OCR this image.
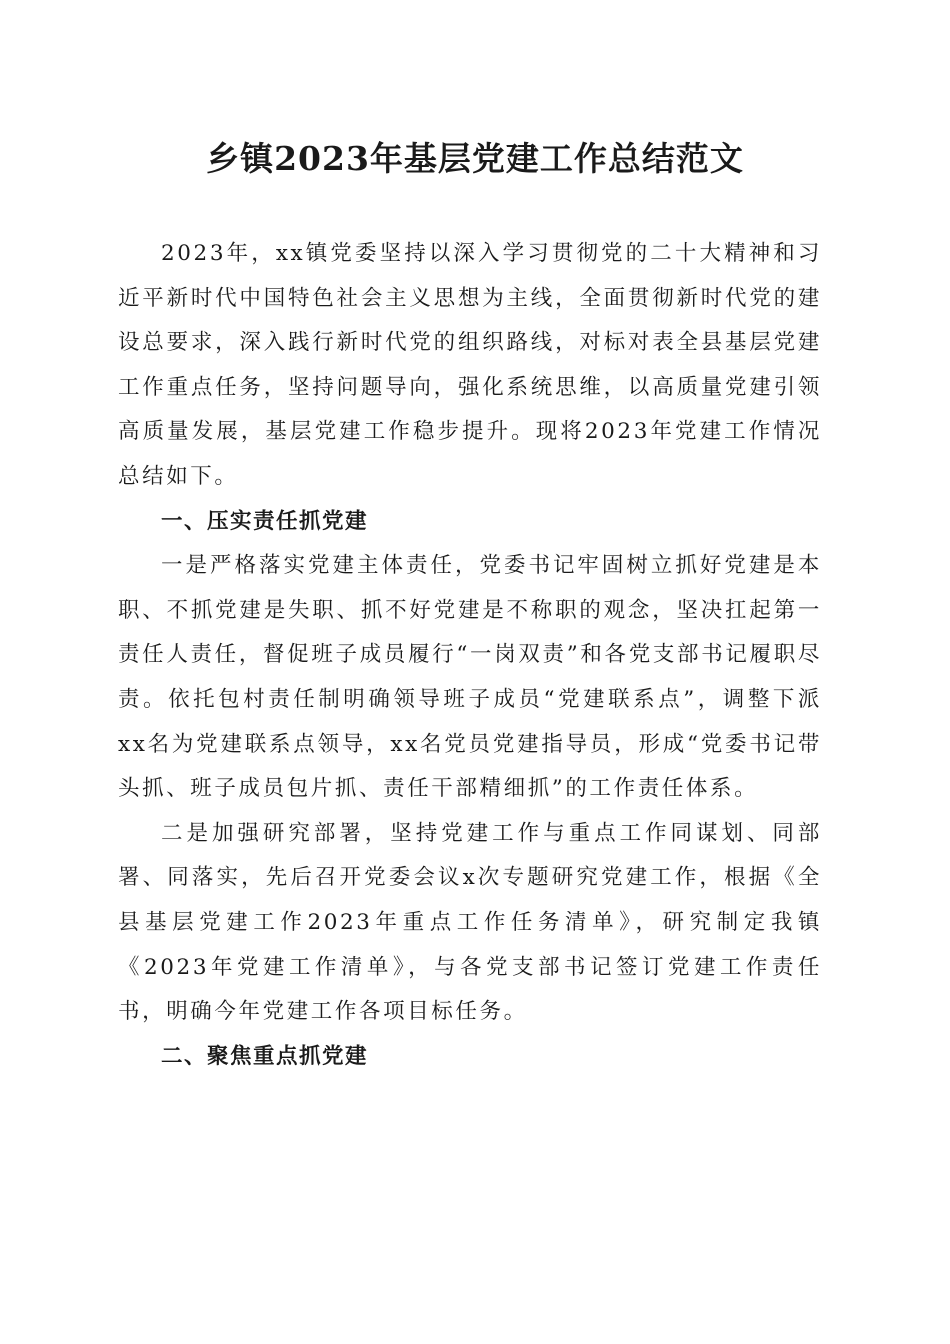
乡镇2023年基层党建工作总结范文

2023年，xx镇党委坚持以深入学习贯彻党的二十大精神和习近平新时代中国特色社会主义思想为主线，全面贯彻新时代党的建设总要求，深入践行新时代党的组织路线，对标对表全县基层党建工作重点任务，坚持问题导向，强化系统思维，以高质量党建引领高质量发展，基层党建工作稳步提升。现将2023年党建工作情况总结如下。

一、压实责任抓党建

一是严格落实党建主体责任，党委书记牢固树立抓好党建是本职、不抓党建是失职、抓不好党建是不称职的观念，坚决扛起第一责任人责任，督促班子成员履行“一岗双责”和各党支部书记履职尽责。依托包村责任制明确领导班子成员“党建联系点”，调整下派xx名为党建联系点领导，xx名党员党建指导员，形成“党委书记带头抓、班子成员包片抓、责任干部精细抓”的工作责任体系。

二是加强研究部署，坚持党建工作与重点工作同谋划、同部署、同落实，先后召开党委会议x次专题研究党建工作，根据《全县基层党建工作2023年重点工作任务清单》，研究制定我镇《2023年党建工作清单》，与各党支部书记签订党建工作责任书，明确今年党建工作各项目标任务。

二、聚焦重点抓党建
